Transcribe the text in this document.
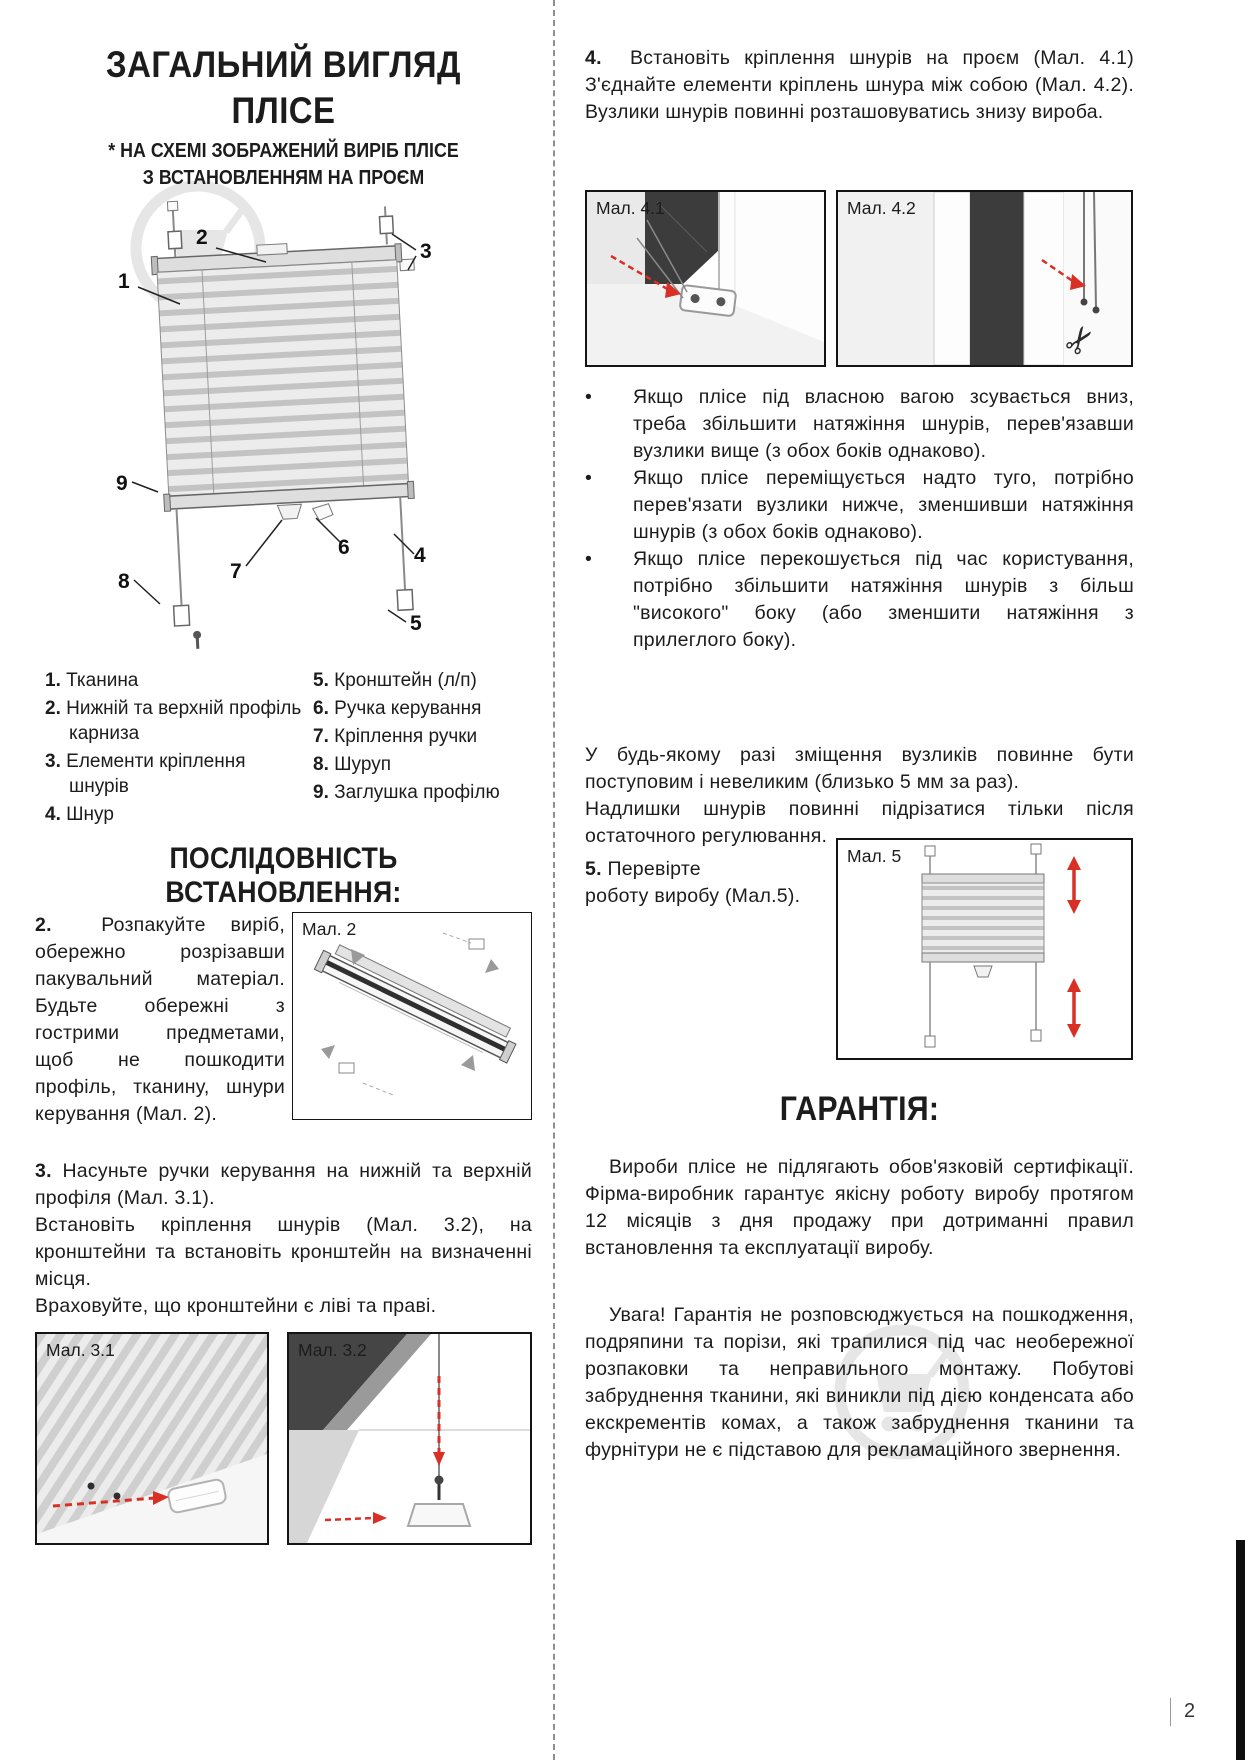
ЗАГАЛЬНИЙ ВИГЛЯД
ПЛІСЕ
* НА СХЕМІ ЗОБРАЖЕНИЙ ВИРІБ ПЛІСЕ
З ВСТАНОВЛЕННЯМ НА ПРОЄМ
1
2
3
4
5
6
7
8
9
1. Тканина
2. Нижній та верхній профіль карниза
3. Елементи кріплення шнурів
4. Шнур
5. Кронштейн (л/п)
6. Ручка керування
7. Кріплення ручки
8. Шуруп
9. Заглушка профілю
ПОСЛІДОВНІСТЬ ВСТАНОВЛЕННЯ:
2.	Розпакуйте виріб, обережно розрізавши пакувальний матеріал. Будьте обережні з гострими предметами, щоб не пошкодити профіль, тканину, шнури керування (Мал. 2).
Мал. 2
3. Насуньте ручки керування на нижній та верхній профіля (Мал. 3.1).
Встановіть кріплення шнурів (Мал. 3.2), на кронштейни та встановіть кронштейн на визначенні місця.
Враховуйте, що кронштейни є ліві та праві.
Мал. 3.1	Мал. 3.2
4. Встановіть кріплення шнурів на проєм (Мал. 4.1) З'єднайте елементи кріплень шнура між собою (Мал. 4.2). Вузлики шнурів повинні розташовуватись знизу вироба.
Мал. 4.1	Мал. 4.2
✂
•	Якщо плісе під власною вагою зсувається вниз, треба збільшити натяжіння шнурів, перев'язавши вузлики вище (з обох боків однаково).
•	Якщо плісе переміщується надто туго, потрібно перев'язати вузлики нижче, зменшивши натяжіння шнурів (з обох боків однаково).
•	Якщо плісе перекошується під час користування, потрібно збільшити натяжіння шнурів з більш "високого" боку (або зменшити натяжіння з прилеглого боку).
У будь-якому разі зміщення вузликів повинне бути поступовим і невеликим (близько 5 мм за раз).
Надлишки шнурів повинні підрізатися тільки після остаточного регулювання.
5. Перевірте
роботу виробу (Мал.5).
Мал. 5
ГАРАНТІЯ:
Вироби плісе не підлягають обов'язковій сертифікації. Фірма-виробник гарантує якісну роботу виробу протягом 12 місяців з дня продажу при дотриманні правил встановлення та експлуатації виробу.
Увага! Гарантія не розповсюджується на пошкодження, подряпини та порізи, які трапилися під час необережної розпаковки та неправильного монтажу. Побутові забруднення тканини, які виникли під дією конденсата або екскрементів комах, а також забруднення тканини та фурнітури не є підставою для рекламаційного звернення.
2
